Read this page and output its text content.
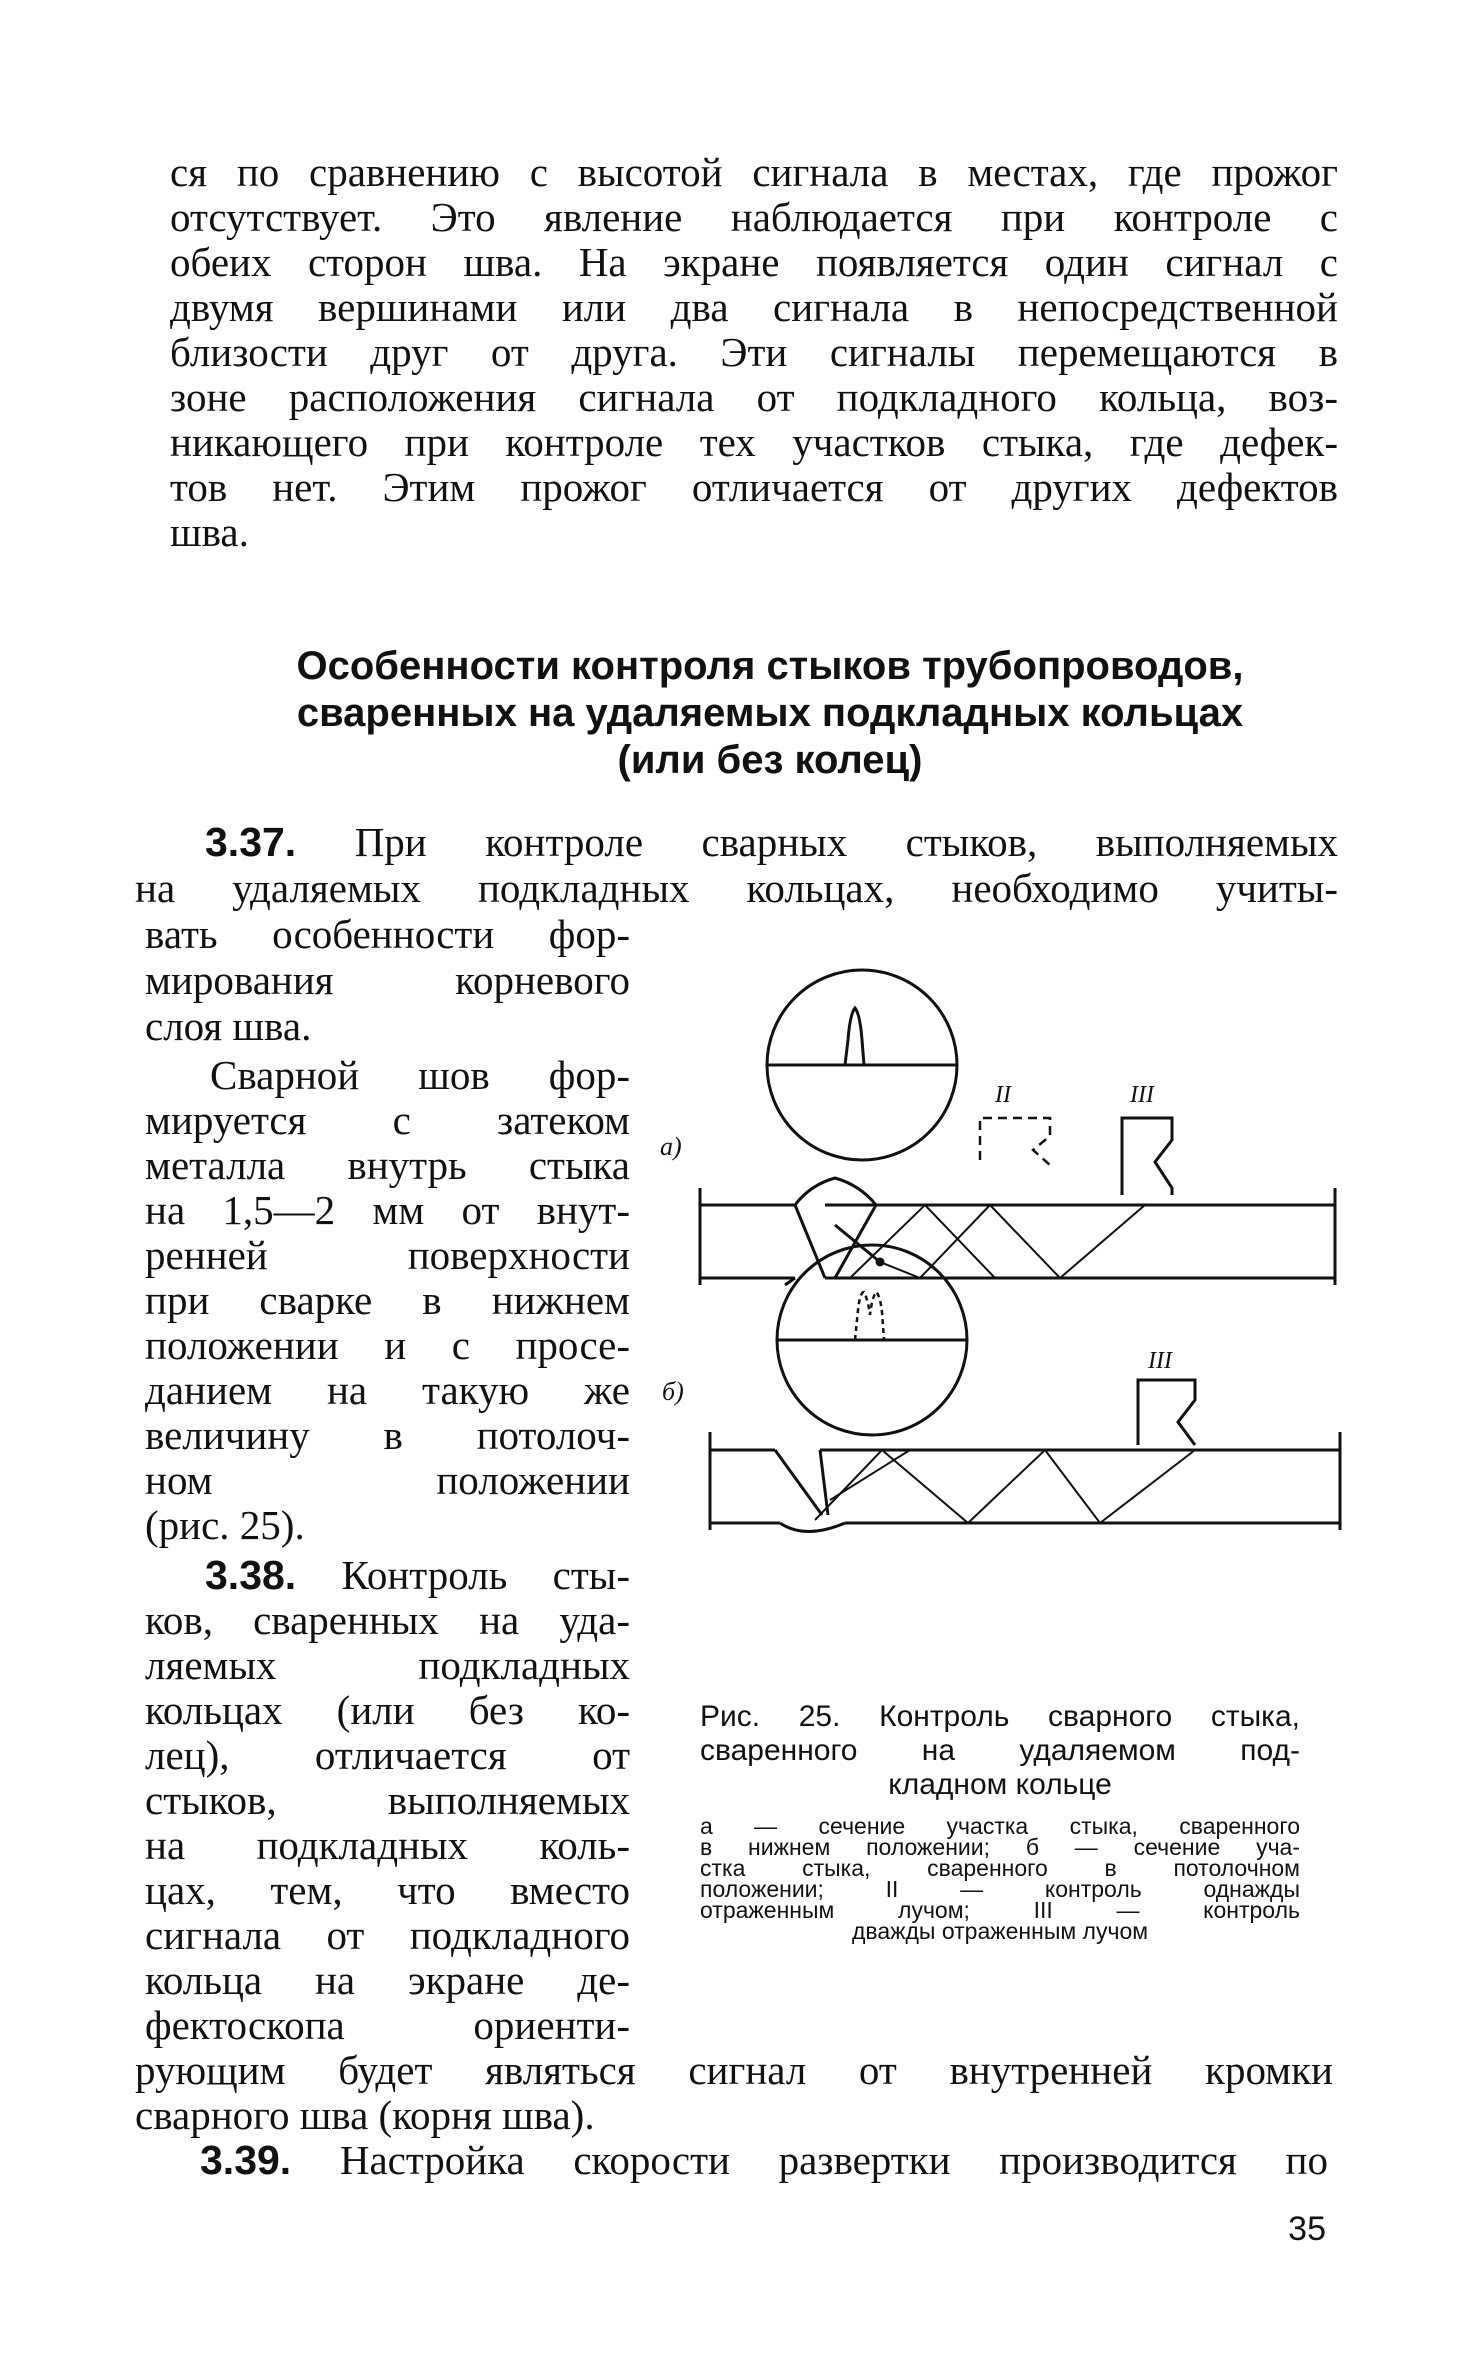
ся по сравнению с высотой сигнала в местах, где прожог
отсутствует. Это явление наблюдается при контроле с
обеих сторон шва. На экране появляется один сигнал с
двумя вершинами или два сигнала в непосредственной
близости друг от друга. Эти сигналы перемещаются в
зоне расположения сигнала от подкладного кольца, воз-
никающего при контроле тех участков стыка, где дефек-
тов нет. Этим прожог отличается от других дефектов
шва.
Особенности контроля стыков трубопроводов,
сваренных на удаляемых подкладных кольцах
(или без колец)
3.37. При контроле сварных стыков, выполняемых
на удаляемых подкладных кольцах, необходимо учиты-
вать особенности фор-
мирования корневого
слоя шва.
Сварной шов фор-
мируется с затеком
металла внутрь стыка
на 1,5—2 мм от внут-
ренней поверхности
при сварке в нижнем
положении и с просе-
данием на такую же
величину в потолоч-
ном положении
(рис. 25).
3.38. Контроль сты-
ков, сваренных на уда-
ляемых подкладных
кольцах (или без ко-
лец), отличается от
стыков, выполняемых
на подкладных коль-
цах, тем, что вместо
сигнала от подкладного
кольца на экране де-
фектоскопа ориенти-
рующим будет являться сигнал от внутренней кромки
сварного шва (корня шва).
3.39. Настройка скорости развертки производится по
а)
б)
II	III
III
Рис. 25. Контроль сварного стыка,
сваренного на удаляемом под-
кладном кольце
а — сечение участка стыка, сваренного
в нижнем положении; б — сечение уча-
стка стыка, сваренного в потолочном
положении; II — контроль однажды
отраженным лучом; III — контроль
дважды отраженным лучом
35
